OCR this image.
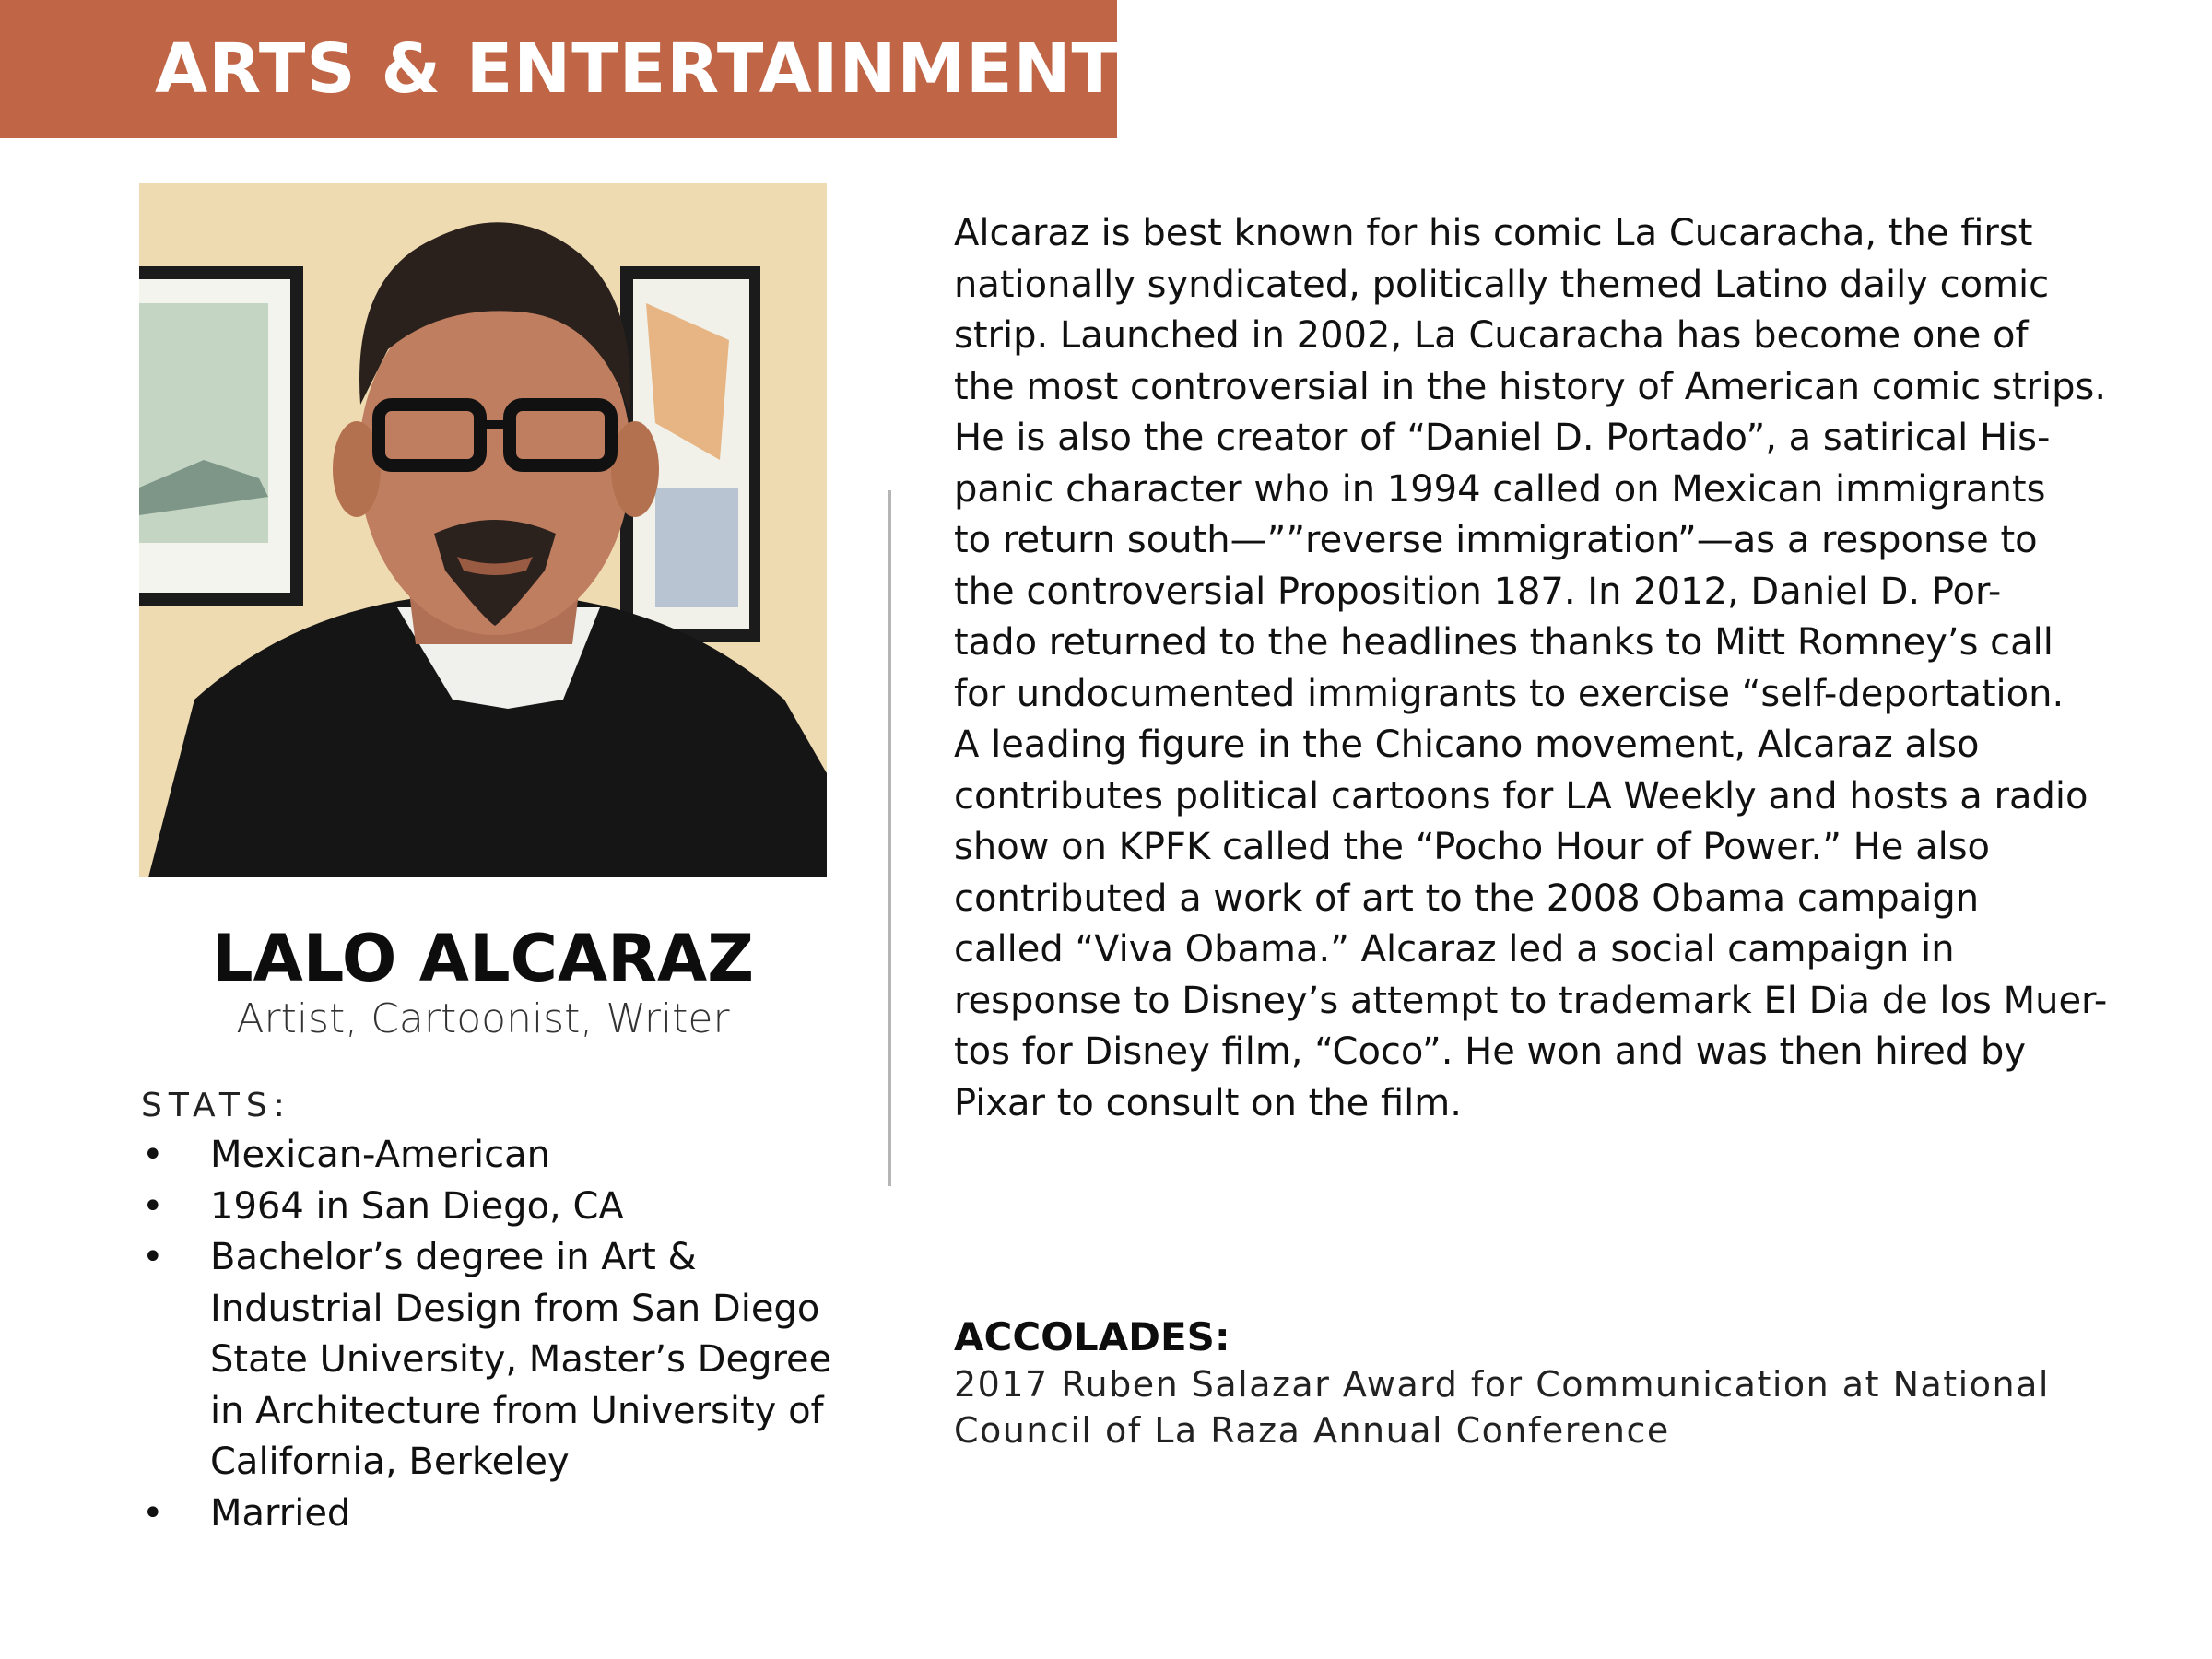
ARTS & ENTERTAINMENT
LALO ALCARAZ
Artist, Cartoonist, Writer
STATS:
• Mexican-American
• 1964 in San Diego, CA
• Bachelor’s degree in Art &
Industrial Design from San Diego
State University, Master’s Degree
in Architecture from University of
California, Berkeley
• Married
Alcaraz is best known for his comic La Cucaracha, the first
nationally syndicated, politically themed Latino daily comic
strip. Launched in 2002, La Cucaracha has become one of
the most controversial in the history of American comic strips.
He is also the creator of “Daniel D. Portado”, a satirical His-
panic character who in 1994 called on Mexican immigrants
to return south—””reverse immigration”—as a response to
the controversial Proposition 187. In 2012, Daniel D. Por-
tado returned to the headlines thanks to Mitt Romney’s call
for undocumented immigrants to exercise “self-deportation.
A leading figure in the Chicano movement, Alcaraz also
contributes political cartoons for LA Weekly and hosts a radio
show on KPFK called the “Pocho Hour of Power.” He also
contributed a work of art to the 2008 Obama campaign
called “Viva Obama.” Alcaraz led a social campaign in
response to Disney’s attempt to trademark El Dia de los Muer-
tos for Disney film, “Coco”. He won and was then hired by
Pixar to consult on the film.
ACCOLADES:
2017 Ruben Salazar Award for Communication at National
Council of La Raza Annual Conference
